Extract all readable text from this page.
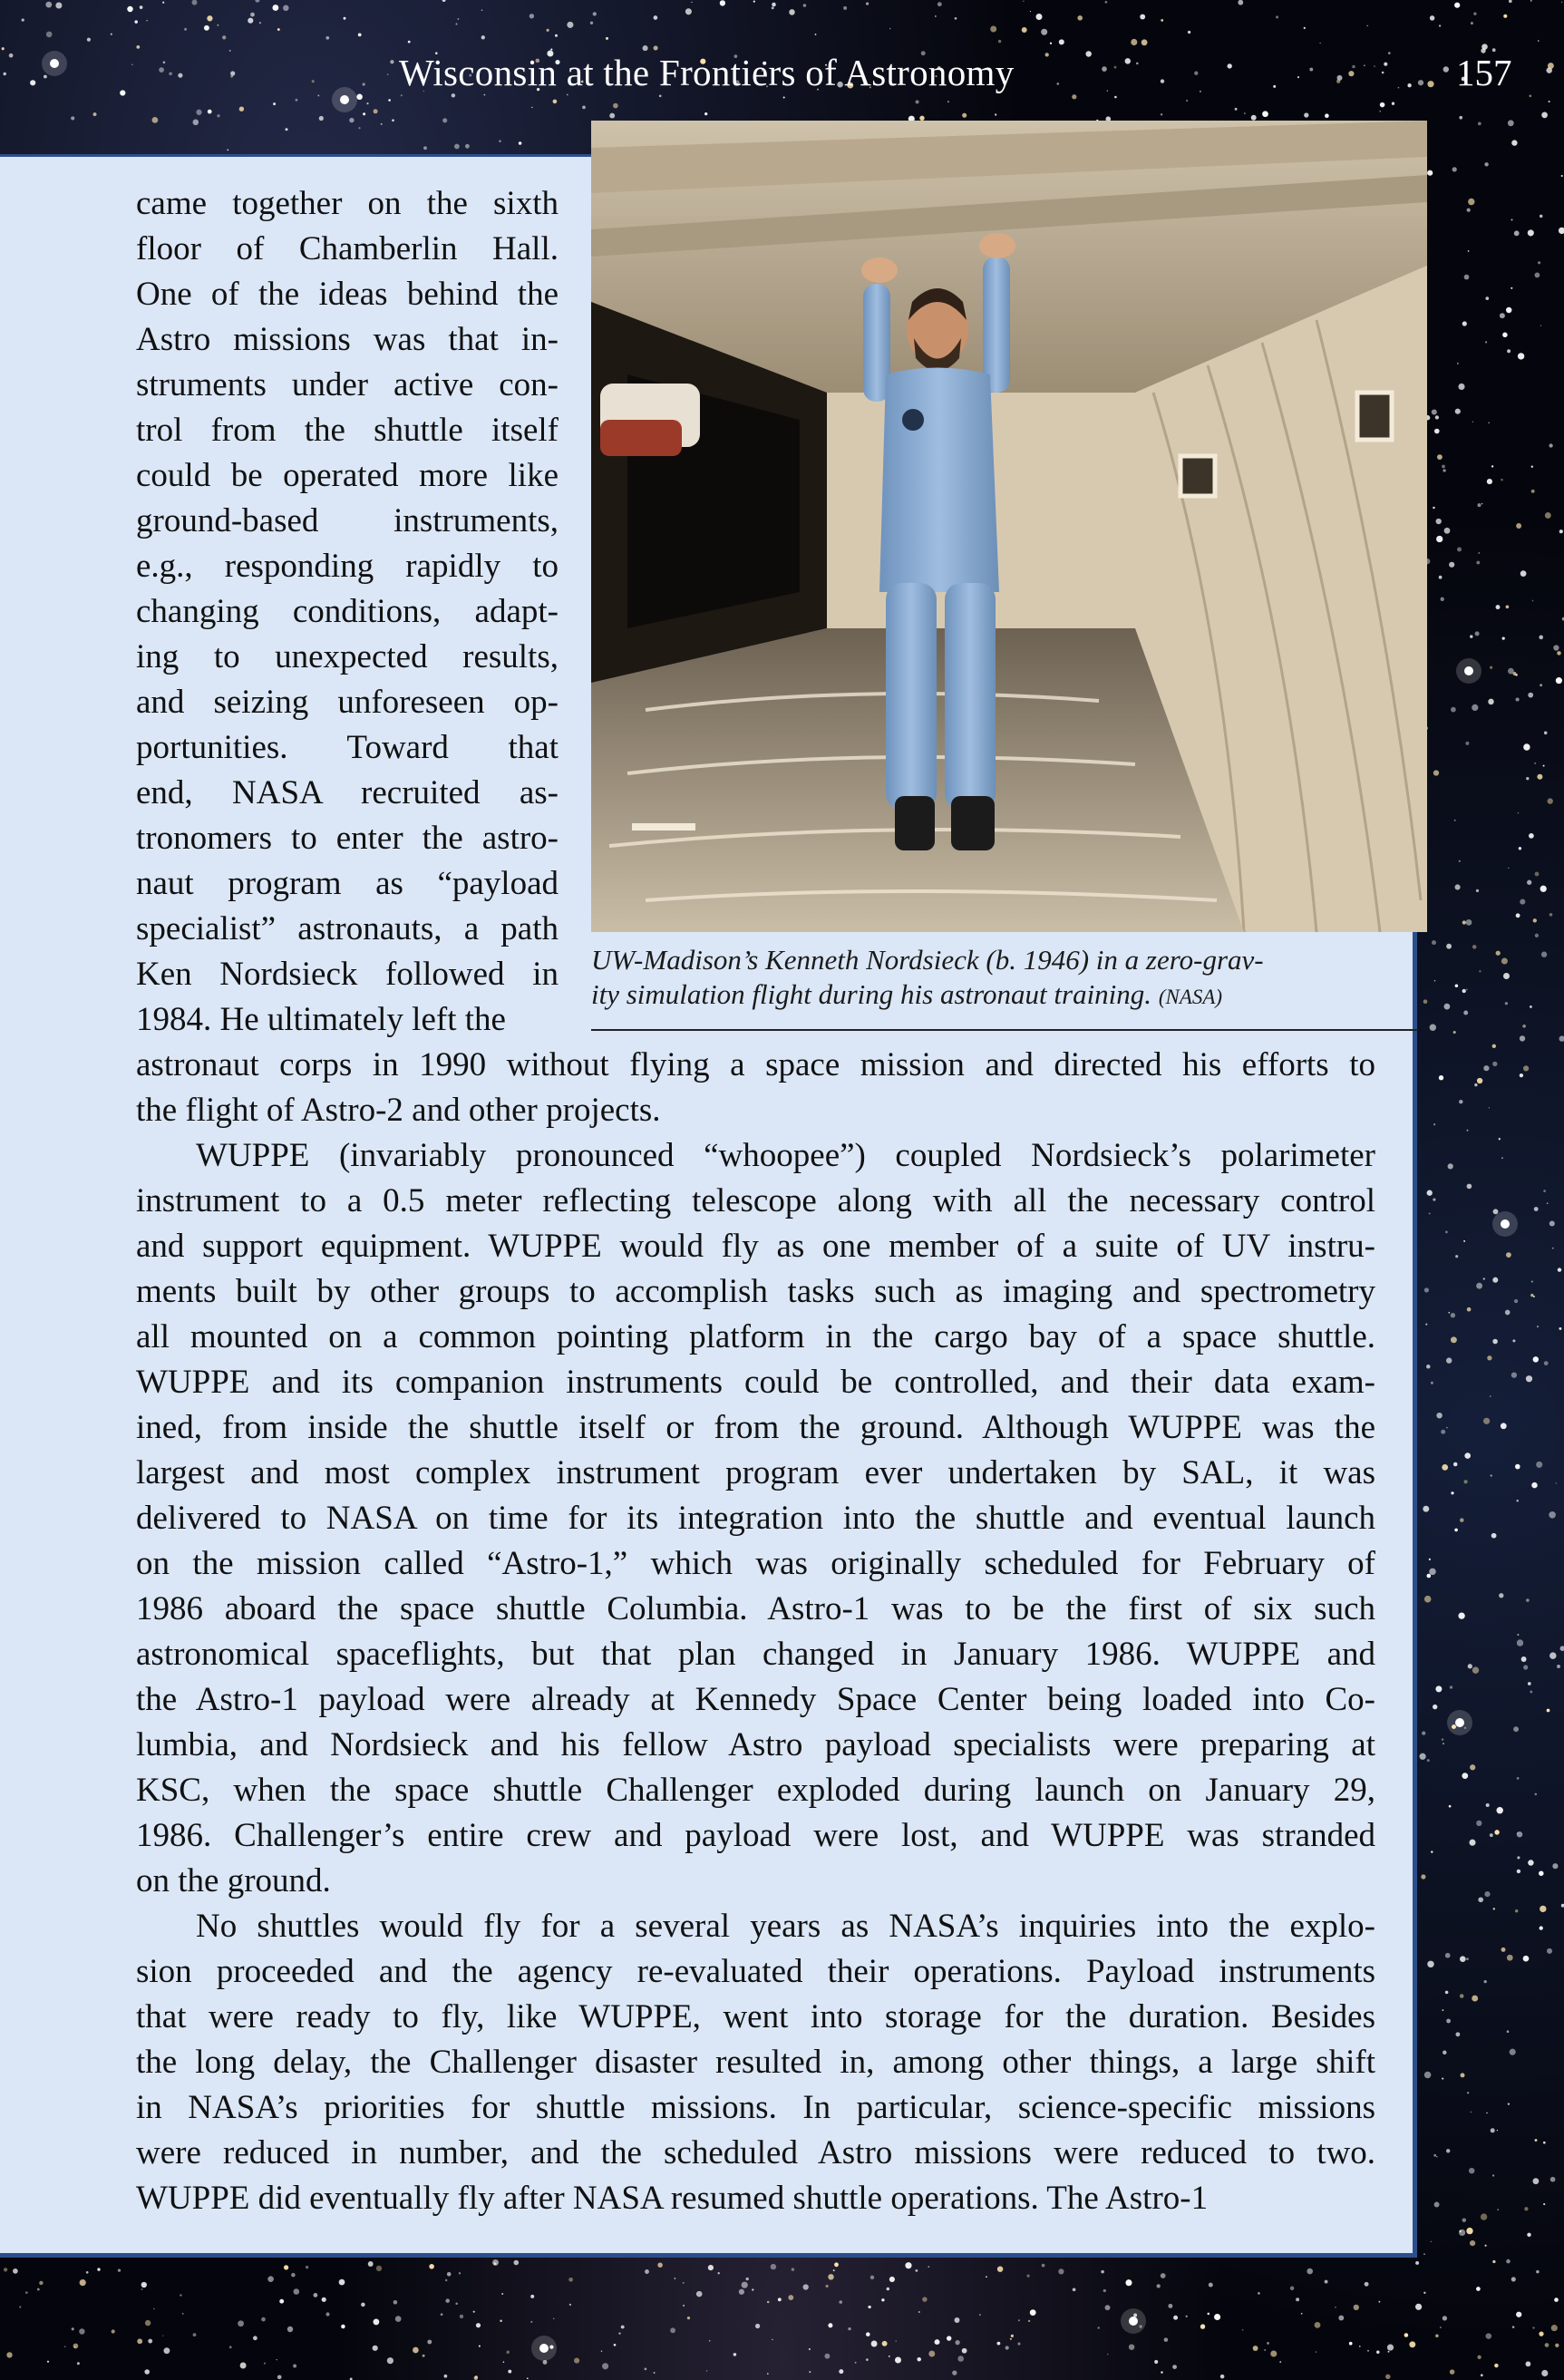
Wisconsin at the Frontiers of Astronomy	157
UW-Madison’s Kenneth Nordsieck (b. 1946) in a zero-grav-
ity simulation flight during his astronaut training. (NASA)
came together on the sixth
floor of Chamberlin Hall.
One of the ideas behind the
Astro missions was that in-
struments under active con-
trol from the shuttle itself
could be operated more like
ground-based instruments,
e.g., responding rapidly to
changing conditions, adapt-
ing to unexpected results,
and seizing unforeseen op-
portunities. Toward that
end, NASA recruited as-
tronomers to enter the astro-
naut program as “payload
specialist” astronauts, a path
Ken Nordsieck followed in
1984. He ultimately left the
astronaut corps in 1990 without flying a space mission and directed his efforts to
the flight of Astro-2 and other projects.
WUPPE (invariably pronounced “whoopee”) coupled Nordsieck’s polarimeter
instrument to a 0.5 meter reflecting telescope along with all the necessary control
and support equipment. WUPPE would fly as one member of a suite of UV instru-
ments built by other groups to accomplish tasks such as imaging and spectrometry
all mounted on a common pointing platform in the cargo bay of a space shuttle.
WUPPE and its companion instruments could be controlled, and their data exam-
ined, from inside the shuttle itself or from the ground. Although WUPPE was the
largest and most complex instrument program ever undertaken by SAL, it was
delivered to NASA on time for its integration into the shuttle and eventual launch
on the mission called “Astro-1,” which was originally scheduled for February of
1986 aboard the space shuttle Columbia. Astro-1 was to be the first of six such
astronomical spaceflights, but that plan changed in January 1986. WUPPE and
the Astro-1 payload were already at Kennedy Space Center being loaded into Co-
lumbia, and Nordsieck and his fellow Astro payload specialists were preparing at
KSC, when the space shuttle Challenger exploded during launch on January 29,
1986. Challenger’s entire crew and payload were lost, and WUPPE was stranded
on the ground.
No shuttles would fly for a several years as NASA’s inquiries into the explo-
sion proceeded and the agency re-evaluated their operations. Payload instruments
that were ready to fly, like WUPPE, went into storage for the duration. Besides
the long delay, the Challenger disaster resulted in, among other things, a large shift
in NASA’s priorities for shuttle missions. In particular, science-specific missions
were reduced in number, and the scheduled Astro missions were reduced to two.
WUPPE did eventually fly after NASA resumed shuttle operations. The Astro-1
